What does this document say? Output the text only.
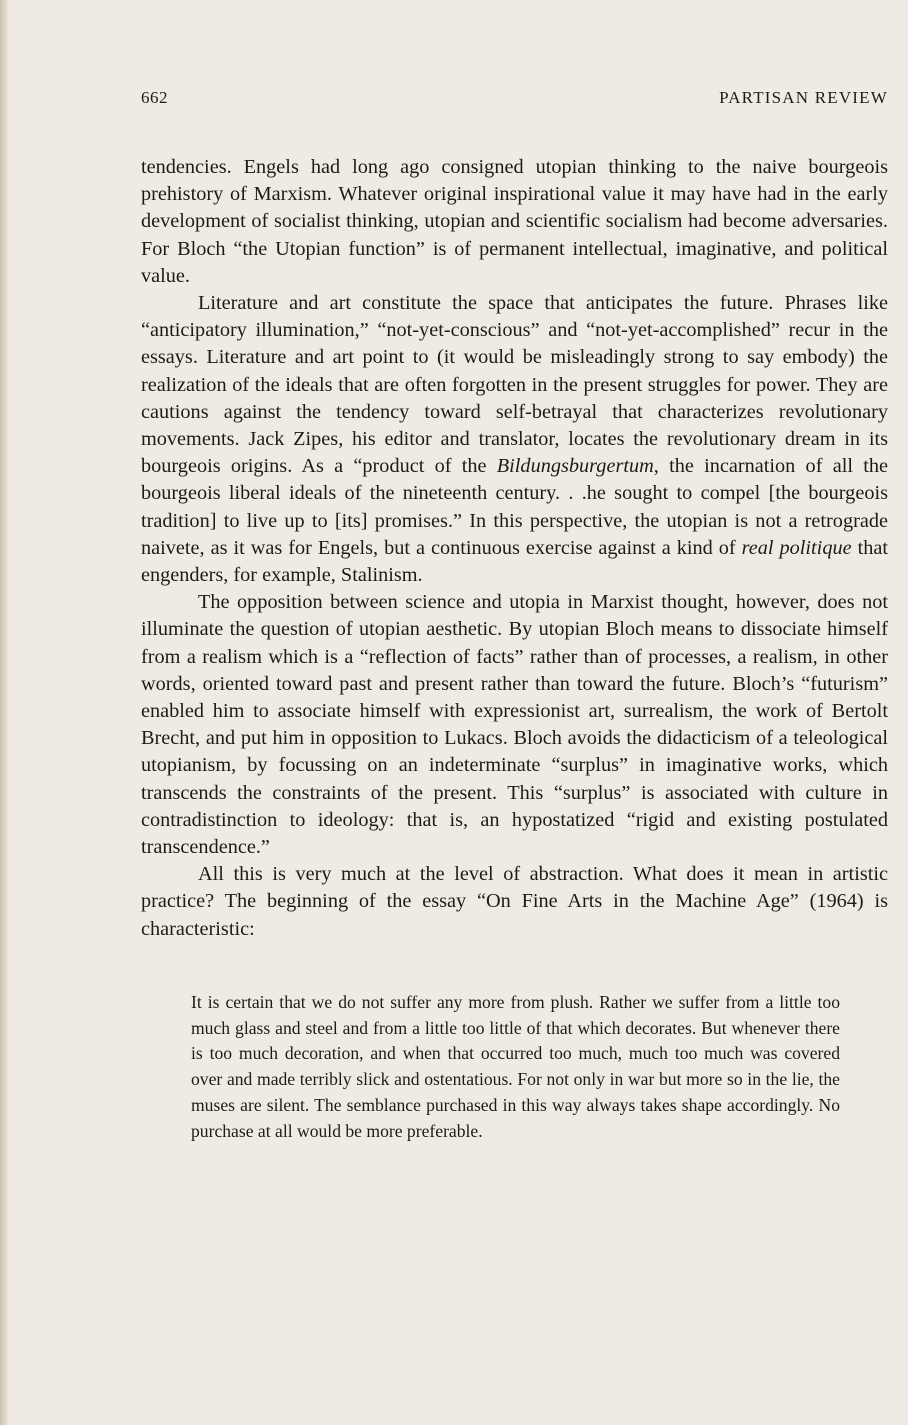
662	PARTISAN REVIEW

tendencies. Engels had long ago consigned utopian thinking to the naive bourgeois prehistory of Marxism. Whatever original inspirational value it may have had in the early development of socialist thinking, utopian and scientific socialism had become adversaries. For Bloch “the Utopian function” is of permanent intellectual, imaginative, and political value.

Literature and art constitute the space that anticipates the future. Phrases like “anticipatory illumination,” “not-yet-conscious” and “not-yet-accomplished” recur in the essays. Literature and art point to (it would be misleadingly strong to say embody) the realization of the ideals that are often forgotten in the present struggles for power. They are cautions against the tendency toward self-betrayal that characterizes revolutionary movements. Jack Zipes, his editor and translator, locates the revolutionary dream in its bourgeois origins. As a “product of the Bildungsburgertum, the incarnation of all the bourgeois liberal ideals of the nineteenth century. . .he sought to compel [the bourgeois tradition] to live up to [its] promises.” In this perspective, the utopian is not a retrograde naivete, as it was for Engels, but a continuous exercise against a kind of real politique that engenders, for example, Stalinism.

The opposition between science and utopia in Marxist thought, however, does not illuminate the question of utopian aesthetic. By utopian Bloch means to dissociate himself from a realism which is a “reflection of facts” rather than of processes, a realism, in other words, oriented toward past and present rather than toward the future. Bloch’s “futurism” enabled him to associate himself with expressionist art, surrealism, the work of Bertolt Brecht, and put him in opposition to Lukacs. Bloch avoids the didacticism of a teleological utopianism, by focussing on an indeterminate “surplus” in imaginative works, which transcends the constraints of the present. This “surplus” is associated with culture in contradistinction to ideology: that is, an hypostatized “rigid and existing postulated transcendence.”

All this is very much at the level of abstraction. What does it mean in artistic practice? The beginning of the essay “On Fine Arts in the Machine Age” (1964) is characteristic:

It is certain that we do not suffer any more from plush. Rather we suffer from a little too much glass and steel and from a little too little of that which decorates. But whenever there is too much decoration, and when that occurred too much, much too much was covered over and made terribly slick and ostentatious. For not only in war but more so in the lie, the muses are silent. The semblance purchased in this way always takes shape accordingly. No purchase at all would be more preferable.
